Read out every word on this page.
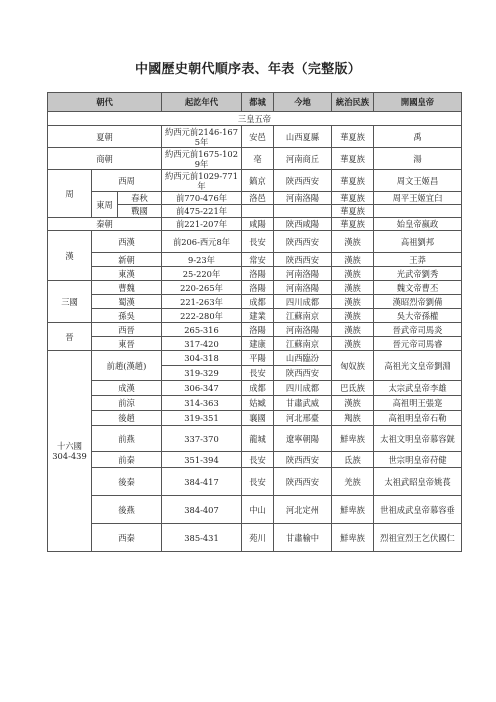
中國歷史朝代順序表、年表（完整版）
朝代			起訖年代	都城	今地	統治民族	開國皇帝
三皇五帝							
夏朝			約西元前2146-1675年	安邑	山西夏縣	華夏族	禹
商朝			約西元前1675-1029年	亳	河南商丘	華夏族	湯
周	西周		約西元前1029-771年	鎬京	陝西西安	華夏族	周文王姬昌
	東周	春秋	前770-476年	洛邑	河南洛陽	華夏族	周平王姬宜臼
		戰國	前475-221年			華夏族	
秦朝			前221-207年	咸陽	陝西咸陽	華夏族	始皇帝嬴政
漢	西漢		前206-西元8年	長安	陝西西安	漢族	高祖劉邦
	新朝		9-23年	常安	陝西西安	漢族	王莽
	東漢		25-220年	洛陽	河南洛陽	漢族	光武帝劉秀
三國	曹魏		220-265年	洛陽	河南洛陽	漢族	魏文帝曹丕
	蜀漢		221-263年	成都	四川成都	漢族	漢昭烈帝劉備
	孫吳		222-280年	建業	江蘇南京	漢族	吳大帝孫權
晉	西晉		265-316	洛陽	河南洛陽	漢族	晉武帝司馬炎
	東晉		317-420	建康	江蘇南京	漢族	晉元帝司馬睿
十六國
304-439	前趙(漢趙)		304-318	平陽	山西臨汾	匈奴族	高祖光文皇帝劉淵
			319-329	長安	陝西西安		
	成漢		306-347	成都	四川成都	巴氐族	太宗武皇帝李雄
	前涼		314-363	姑臧	甘肅武威	漢族	高祖明王張寔
	後趙		319-351	襄國	河北邢臺	羯族	高祖明皇帝石勒
	前燕		337-370	龍城	遼寧朝陽	鮮卑族	太祖文明皇帝慕容皝
	前秦		351-394	長安	陝西西安	氐族	世宗明皇帝苻健
	後秦		384-417	長安	陝西西安	羌族	太祖武昭皇帝姚萇
	後燕		384-407	中山	河北定州	鮮卑族	世祖成武皇帝慕容垂
	西秦		385-431	苑川	甘肅榆中	鮮卑族	烈祖宣烈王乞伏國仁
